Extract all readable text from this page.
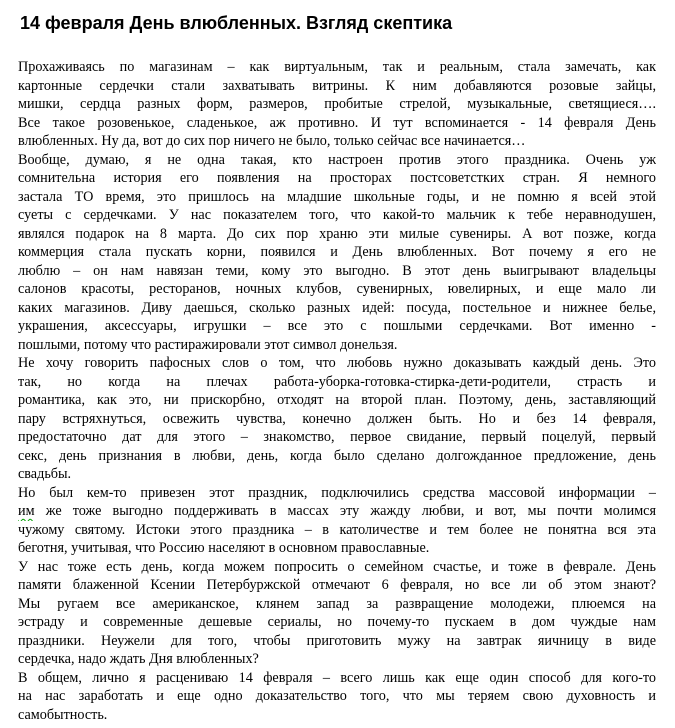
14 февраля День влюбленных. Взгляд скептика
Прохаживаясь по магазинам – как виртуальным, так и реальным, стала замечать, как
картонные сердечки стали захватывать витрины. К ним добавляются розовые зайцы,
мишки, сердца разных форм, размеров, пробитые стрелой, музыкальные, светящиеся….
Все такое розовенькое, сладенькое, аж противно. И тут вспоминается - 14 февраля День
влюбленных. Ну да, вот до сих пор ничего не было, только сейчас все начинается…
Вообще, думаю, я не одна такая, кто настроен против этого праздника. Очень уж
сомнительна история его появления на просторах постсоветстких стран. Я немного
застала ТО время, это пришлось на младшие школьные годы, и не помню я всей этой
суеты с сердечками. У нас показателем того, что какой-то мальчик к тебе неравнодушен,
являлся подарок на 8 марта. До сих пор храню эти милые сувениры. А вот позже, когда
коммерция стала пускать корни, появился и День влюбленных. Вот почему я его не
люблю – он нам навязан теми, кому это выгодно. В этот день выигрывают владельцы
салонов красоты, ресторанов, ночных клубов, сувенирных, ювелирных, и еще мало ли
каких магазинов. Диву даешься, сколько разных идей: посуда, постельное и нижнее белье,
украшения, аксессуары, игрушки – все это с пошлыми сердечками. Вот именно -
пошлыми, потому что растиражировали этот символ донельзя.
Не хочу говорить пафосных слов о том, что любовь нужно доказывать каждый день. Это
так, но когда на плечах работа-уборка-готовка-стирка-дети-родители, страсть и
романтика, как это, ни прискорбно, отходят на второй план. Поэтому, день, заставляющий
пару встряхнуться, освежить чувства, конечно должен быть. Но и без 14 февраля,
предостаточно дат для этого – знакомство, первое свидание, первый поцелуй, первый
секс, день признания в любви, день, когда было сделано долгожданное предложение, день
свадьбы.
Но был кем-то привезен этот праздник, подключились средства массовой информации –
им же тоже выгодно поддерживать в массах эту жажду любви, и вот, мы почти молимся
чужому святому. Истоки этого праздника – в католичестве и тем более не понятна вся эта
беготня, учитывая, что Россию населяют в основном православные.
У нас тоже есть день, когда можем попросить о семейном счастье, и тоже в феврале. День
памяти блаженной Ксении Петербуржской отмечают 6 февраля, но все ли об этом знают?
Мы ругаем все американское, клянем запад за развращение молодежи, плюемся на
эстраду и современные дешевые сериалы, но почему-то пускаем в дом чуждые нам
праздники. Неужели для того, чтобы приготовить мужу на завтрак яичницу в виде
сердечка, надо ждать Дня влюбленных?
В общем, лично я расцениваю 14 февраля – всего лишь как еще один способ для кого-то
на нас заработать и еще одно доказательство того, что мы теряем свою духовность и
самобытность.
